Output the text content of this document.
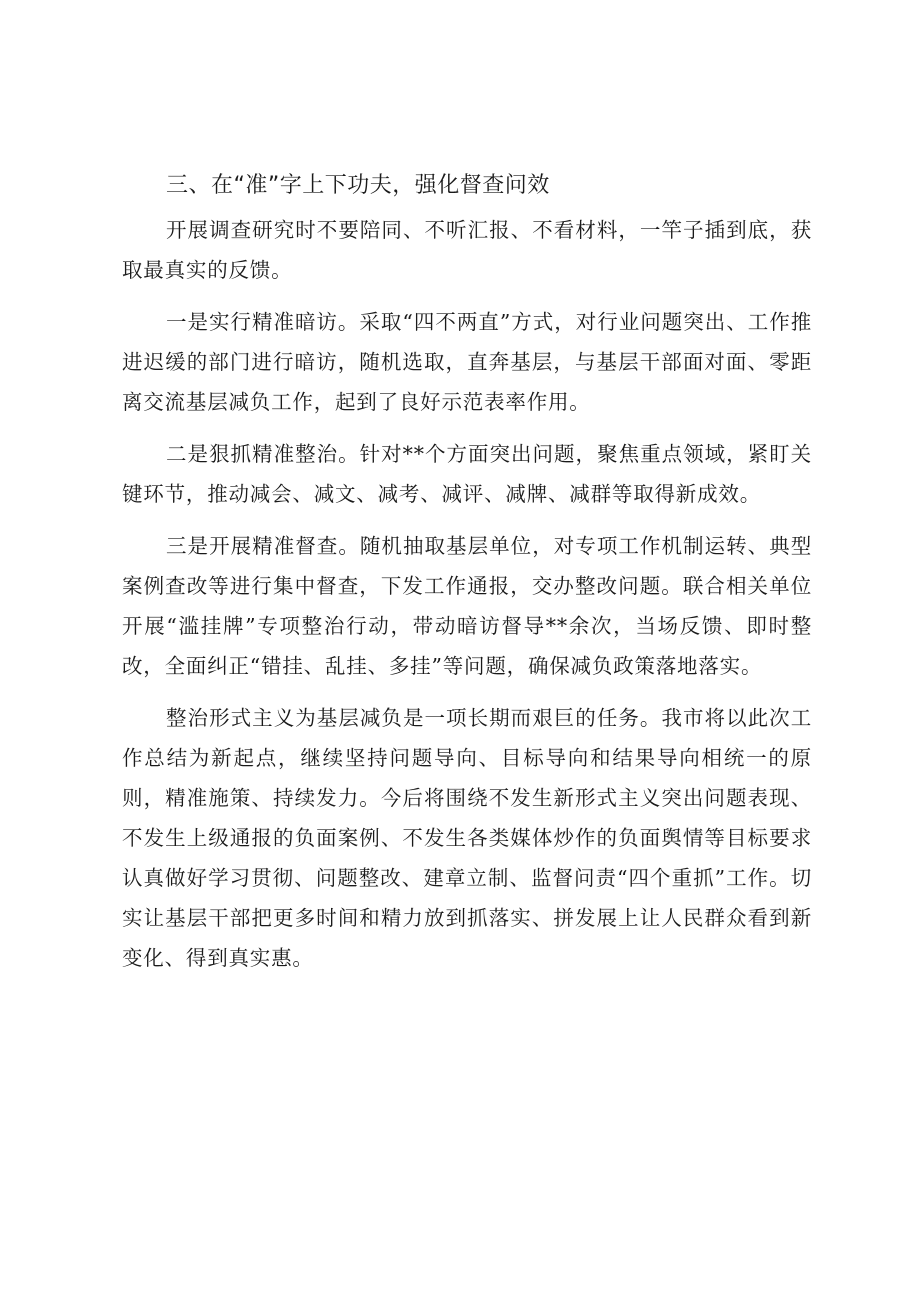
三、在“准”字上下功夫，强化督查问效

开展调查研究时不要陪同、不听汇报、不看材料，一竿子插到底，获取最真实的反馈。

一是实行精准暗访。采取“四不两直”方式，对行业问题突出、工作推进迟缓的部门进行暗访，随机选取，直奔基层，与基层干部面对面、零距离交流基层减负工作，起到了良好示范表率作用。

二是狠抓精准整治。针对**个方面突出问题，聚焦重点领域，紧盯关键环节，推动减会、减文、减考、减评、减牌、减群等取得新成效。

三是开展精准督查。随机抽取基层单位，对专项工作机制运转、典型案例查改等进行集中督查，下发工作通报，交办整改问题。联合相关单位开展“滥挂牌”专项整治行动，带动暗访督导**余次，当场反馈、即时整改，全面纠正“错挂、乱挂、多挂”等问题，确保减负政策落地落实。

整治形式主义为基层减负是一项长期而艰巨的任务。我市将以此次工作总结为新起点，继续坚持问题导向、目标导向和结果导向相统一的原则，精准施策、持续发力。今后将围绕不发生新形式主义突出问题表现、不发生上级通报的负面案例、不发生各类媒体炒作的负面舆情等目标要求认真做好学习贯彻、问题整改、建章立制、监督问责“四个重抓”工作。切实让基层干部把更多时间和精力放到抓落实、拼发展上让人民群众看到新变化、得到真实惠。
